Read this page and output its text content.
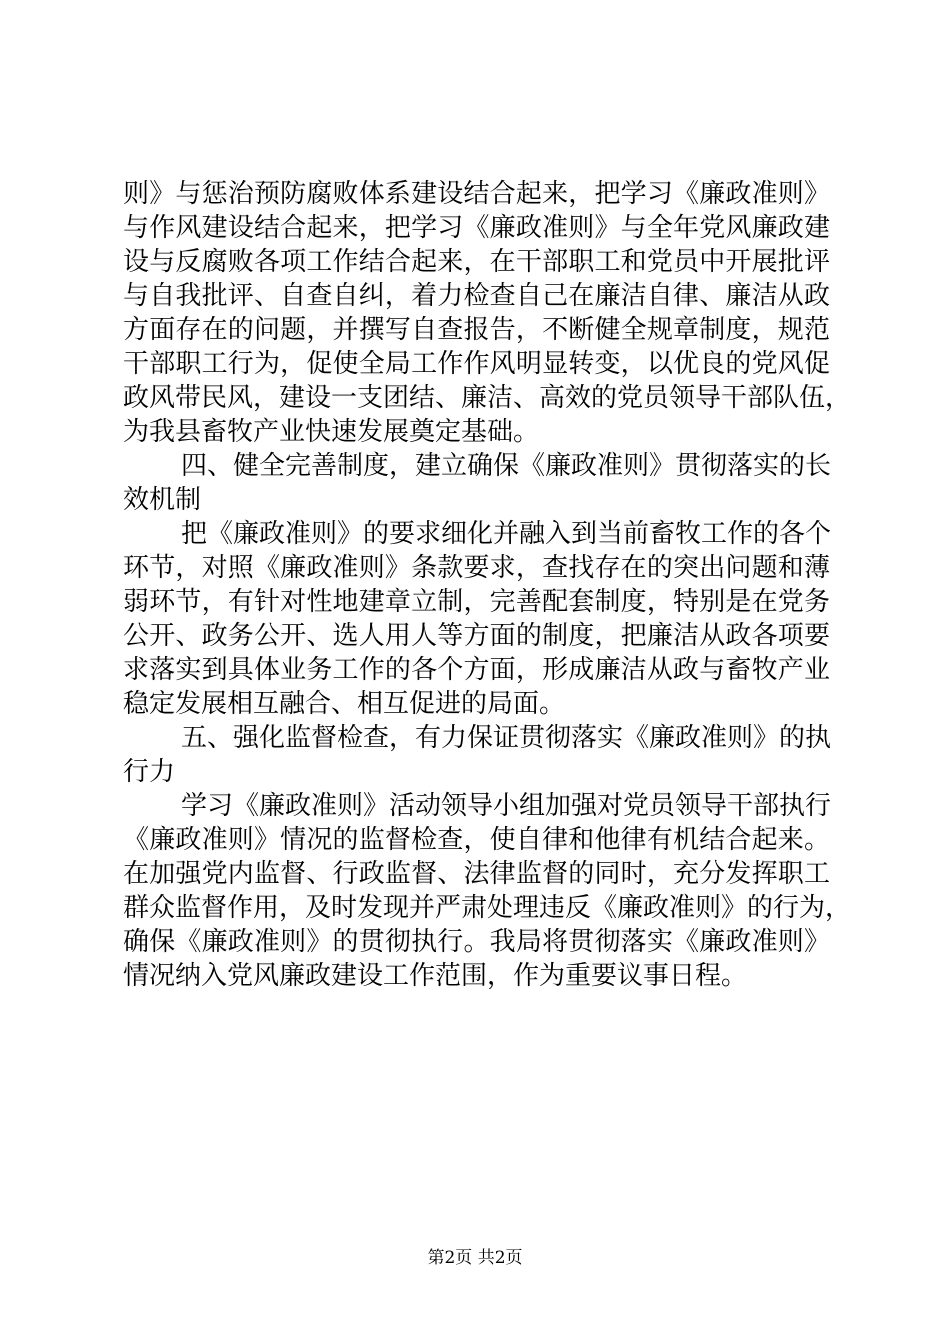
则》与惩治预防腐败体系建设结合起来，把学习《廉政准则》
与作风建设结合起来，把学习《廉政准则》与全年党风廉政建
设与反腐败各项工作结合起来，在干部职工和党员中开展批评
与自我批评、自查自纠，着力检查自己在廉洁自律、廉洁从政
方面存在的问题，并撰写自查报告，不断健全规章制度，规范
干部职工行为，促使全局工作作风明显转变，以优良的党风促
政风带民风，建设一支团结、廉洁、高效的党员领导干部队伍，
为我县畜牧产业快速发展奠定基础。
四、健全完善制度，建立确保《廉政准则》贯彻落实的长
效机制
把《廉政准则》的要求细化并融入到当前畜牧工作的各个
环节，对照《廉政准则》条款要求，查找存在的突出问题和薄
弱环节，有针对性地建章立制，完善配套制度，特别是在党务
公开、政务公开、选人用人等方面的制度，把廉洁从政各项要
求落实到具体业务工作的各个方面，形成廉洁从政与畜牧产业
稳定发展相互融合、相互促进的局面。
五、强化监督检查，有力保证贯彻落实《廉政准则》的执
行力
学习《廉政准则》活动领导小组加强对党员领导干部执行
《廉政准则》情况的监督检查，使自律和他律有机结合起来。
在加强党内监督、行政监督、法律监督的同时，充分发挥职工
群众监督作用，及时发现并严肃处理违反《廉政准则》的行为，
确保《廉政准则》的贯彻执行。我局将贯彻落实《廉政准则》
情况纳入党风廉政建设工作范围，作为重要议事日程。
第2页 共2页
